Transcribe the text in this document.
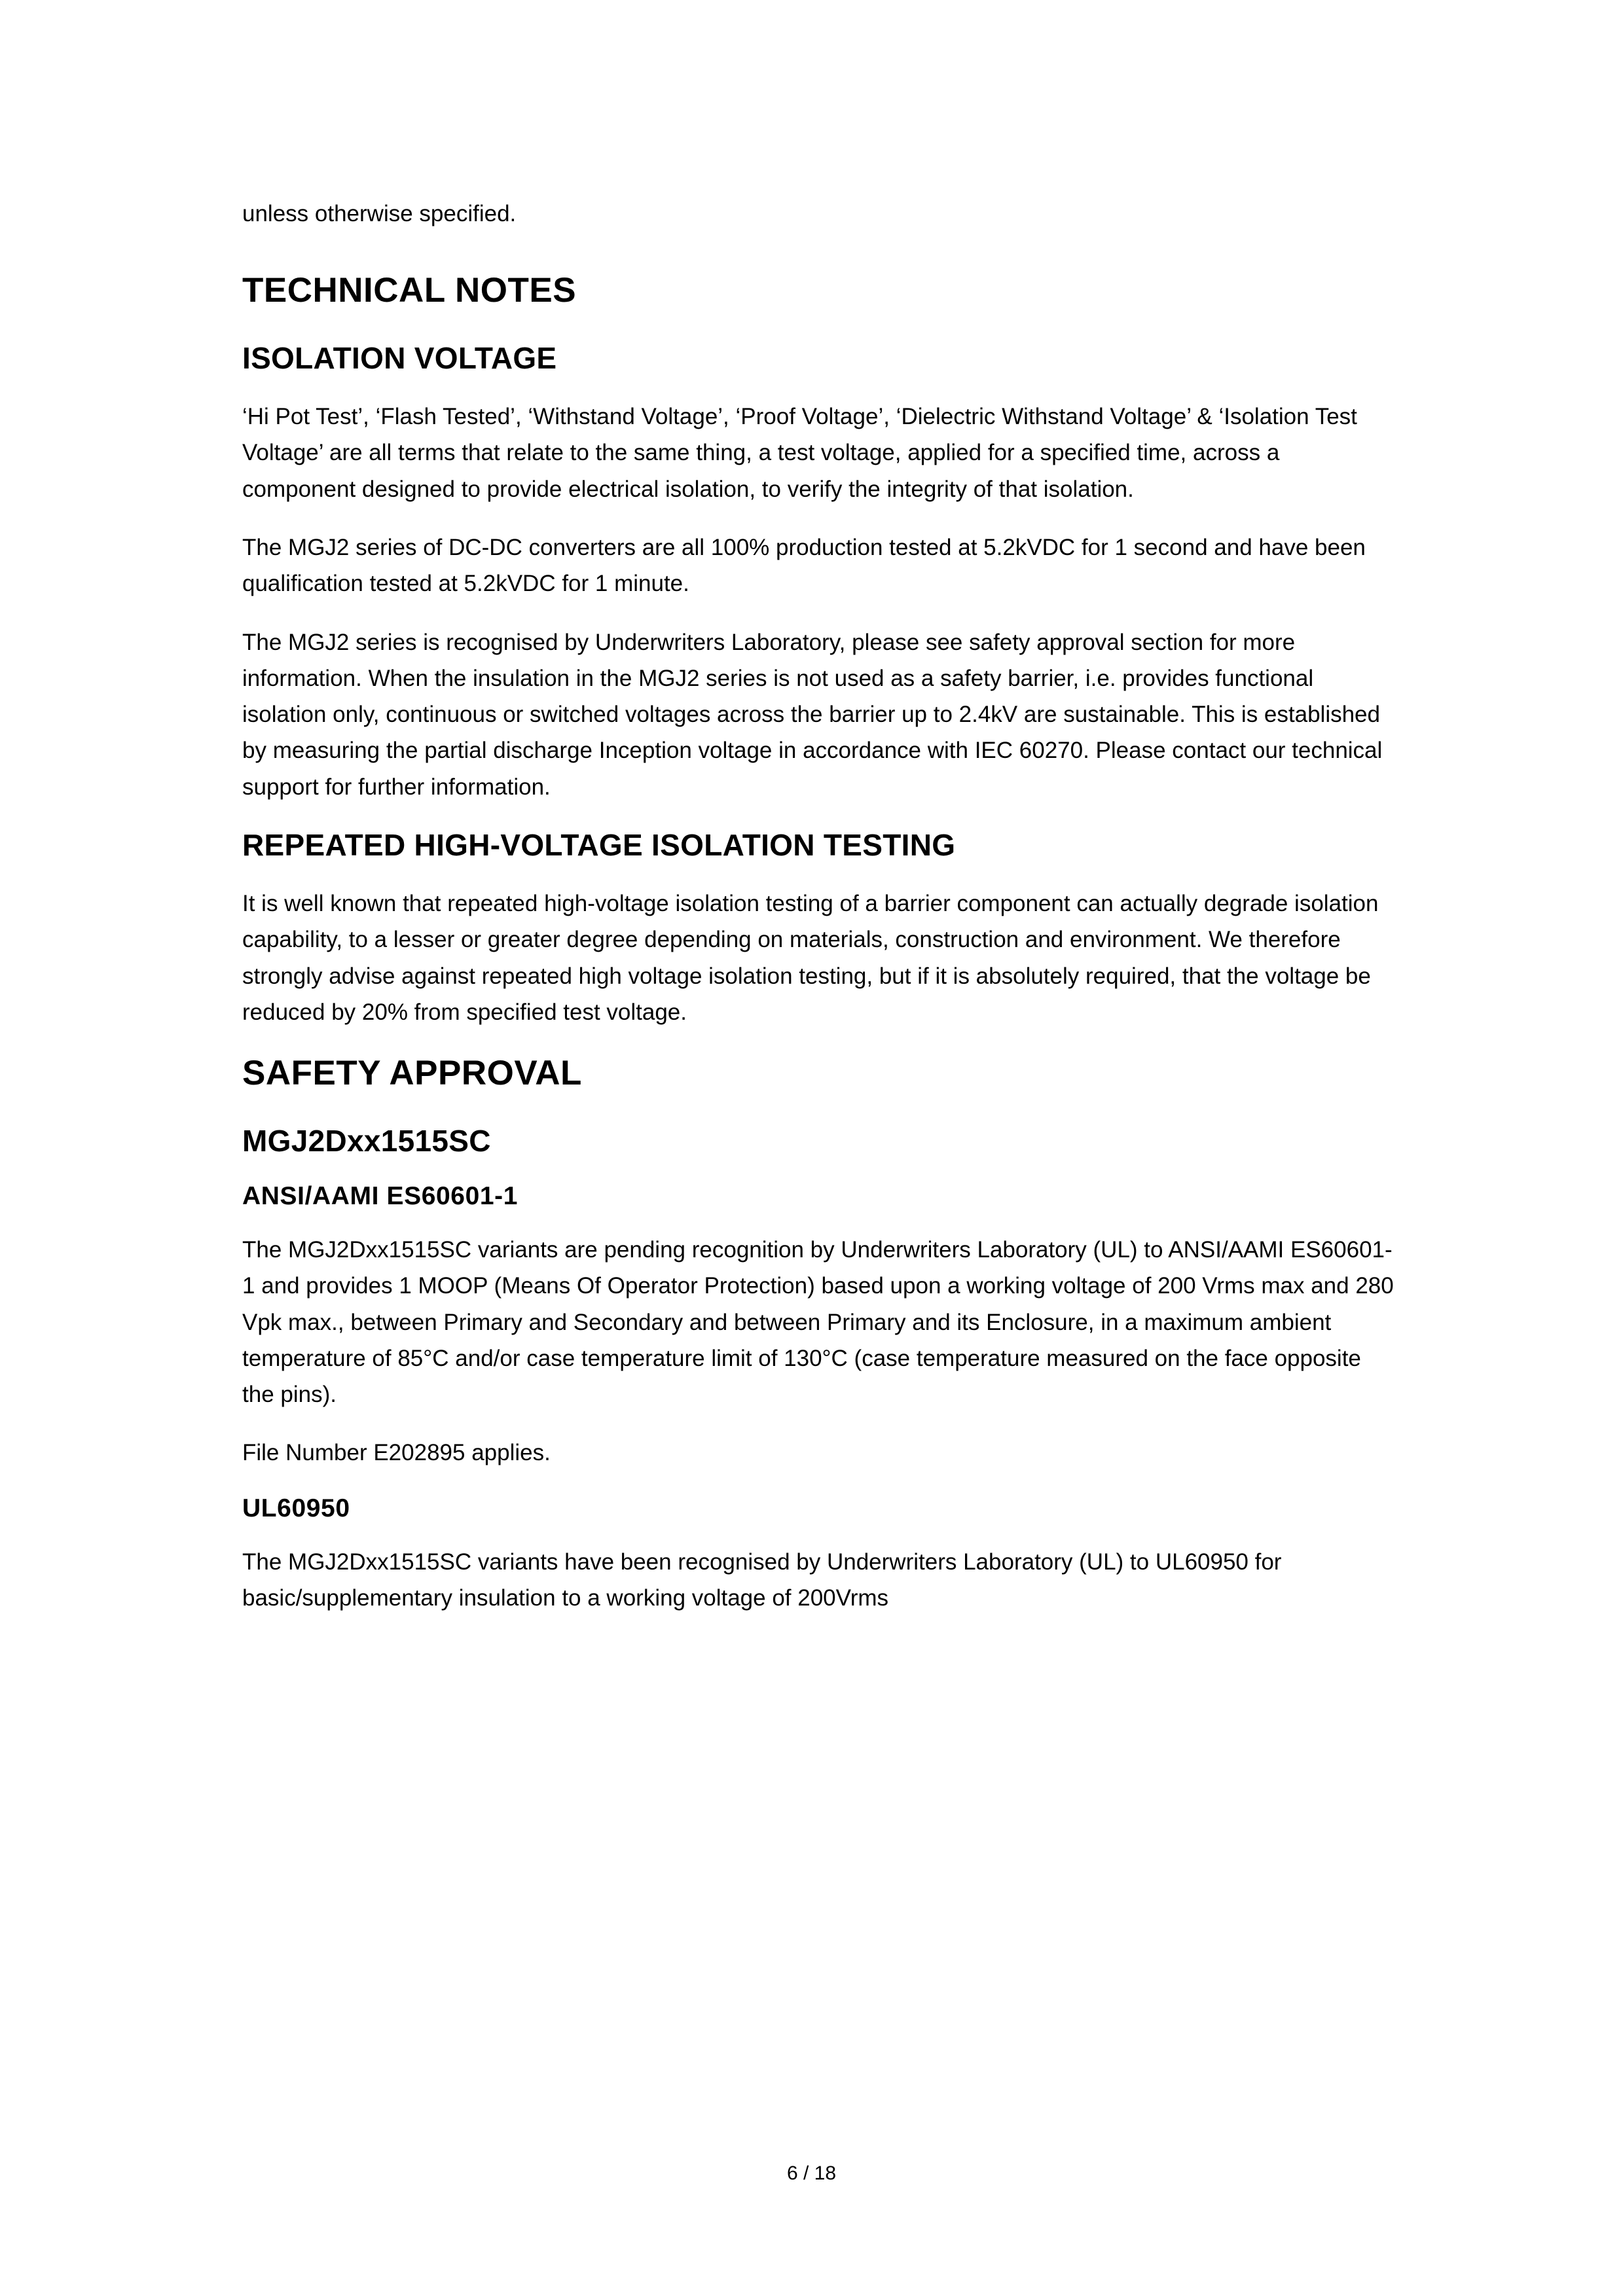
unless otherwise specified.

TECHNICAL NOTES
ISOLATION VOLTAGE

‘Hi Pot Test’, ‘Flash Tested’, ‘Withstand Voltage’, ‘Proof Voltage’, ‘Dielectric Withstand Voltage’ & ‘Isolation Test Voltage’ are all terms that relate to the same thing, a test voltage, applied for a specified time, across a component designed to provide electrical isolation, to verify the integrity of that isolation.

The MGJ2 series of DC-DC converters are all 100% production tested at 5.2kVDC for 1 second and have been qualification tested at 5.2kVDC for 1 minute.

The MGJ2 series is recognised by Underwriters Laboratory, please see safety approval section for more information. When the insulation in the MGJ2 series is not used as a safety barrier, i.e. provides functional isolation only, continuous or switched voltages across the barrier up to 2.4kV are sustainable. This is established by measuring the partial discharge Inception voltage in accordance with IEC 60270. Please contact our technical support for further information.

REPEATED HIGH-VOLTAGE ISOLATION TESTING

It is well known that repeated high-voltage isolation testing of a barrier component can actually degrade isolation capability, to a lesser or greater degree depending on materials, construction and environment. We therefore strongly advise against repeated high voltage isolation testing, but if it is absolutely required, that the voltage be reduced by 20% from specified test voltage.

SAFETY APPROVAL
MGJ2Dxx1515SC
ANSI/AAMI ES60601-1

The MGJ2Dxx1515SC variants are pending recognition by Underwriters Laboratory (UL) to ANSI/AAMI ES60601-1 and provides 1 MOOP (Means Of Operator Protection) based upon a working voltage of 200 Vrms max and 280 Vpk max., between Primary and Secondary and between Primary and its Enclosure, in a maximum ambient temperature of 85°C and/or case temperature limit of 130°C (case temperature measured on the face opposite the pins).

File Number E202895 applies.

UL60950

The MGJ2Dxx1515SC variants have been recognised by Underwriters Laboratory (UL) to UL60950 for basic/supplementary insulation to a working voltage of 200Vrms

6 / 18
